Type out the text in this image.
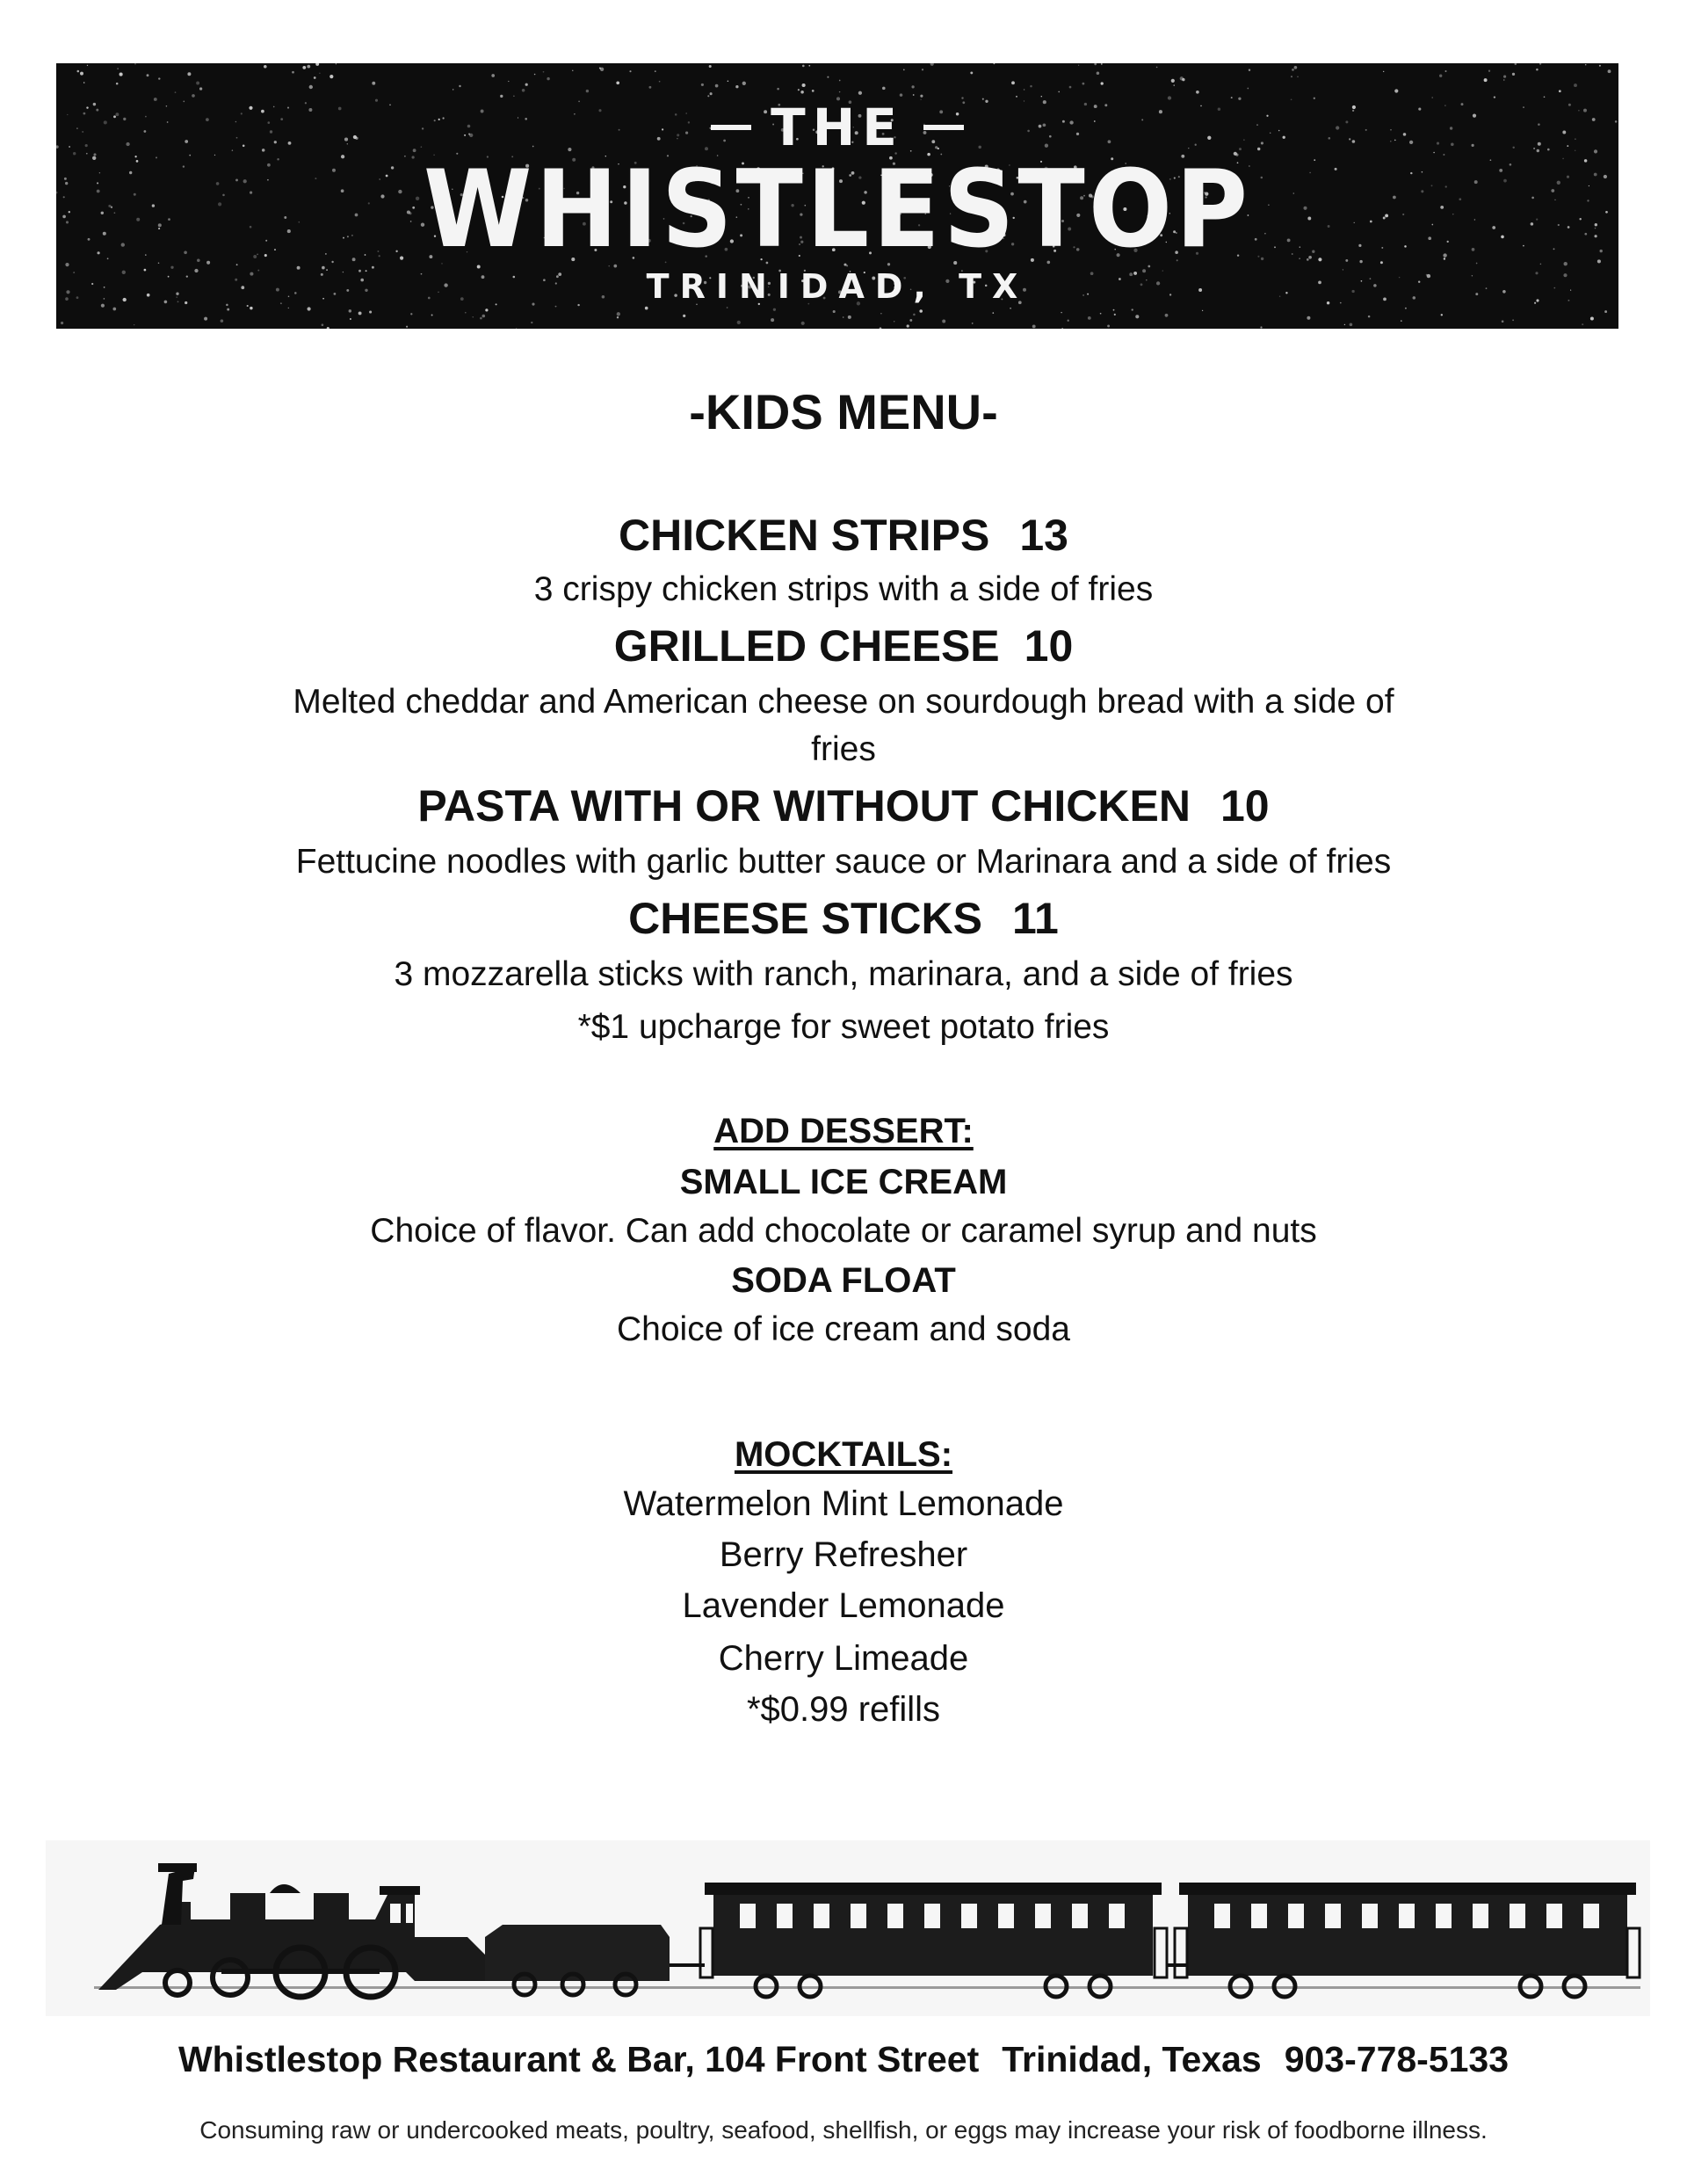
THE
WHISTLESTOP
TRINIDAD, TX
-KIDS MENU-
CHICKEN STRIPS 13
3 crispy chicken strips with a side of fries
GRILLED CHEESE 10
Melted cheddar and American cheese on sourdough bread with a side of
fries
PASTA WITH OR WITHOUT CHICKEN 10
Fettucine noodles with garlic butter sauce or Marinara and a side of fries
CHEESE STICKS 11
3 mozzarella sticks with ranch, marinara, and a side of fries
*$1 upcharge for sweet potato fries
ADD DESSERT:
SMALL ICE CREAM
Choice of flavor. Can add chocolate or caramel syrup and nuts
SODA FLOAT
Choice of ice cream and soda
MOCKTAILS:
Watermelon Mint Lemonade
Berry Refresher
Lavender Lemonade
Cherry Limeade
*$0.99 refills
Whistlestop Restaurant & Bar, 104 Front Street Trinidad, Texas 903-778-5133
Consuming raw or undercooked meats, poultry, seafood, shellfish, or eggs may increase your risk of foodborne illness.
